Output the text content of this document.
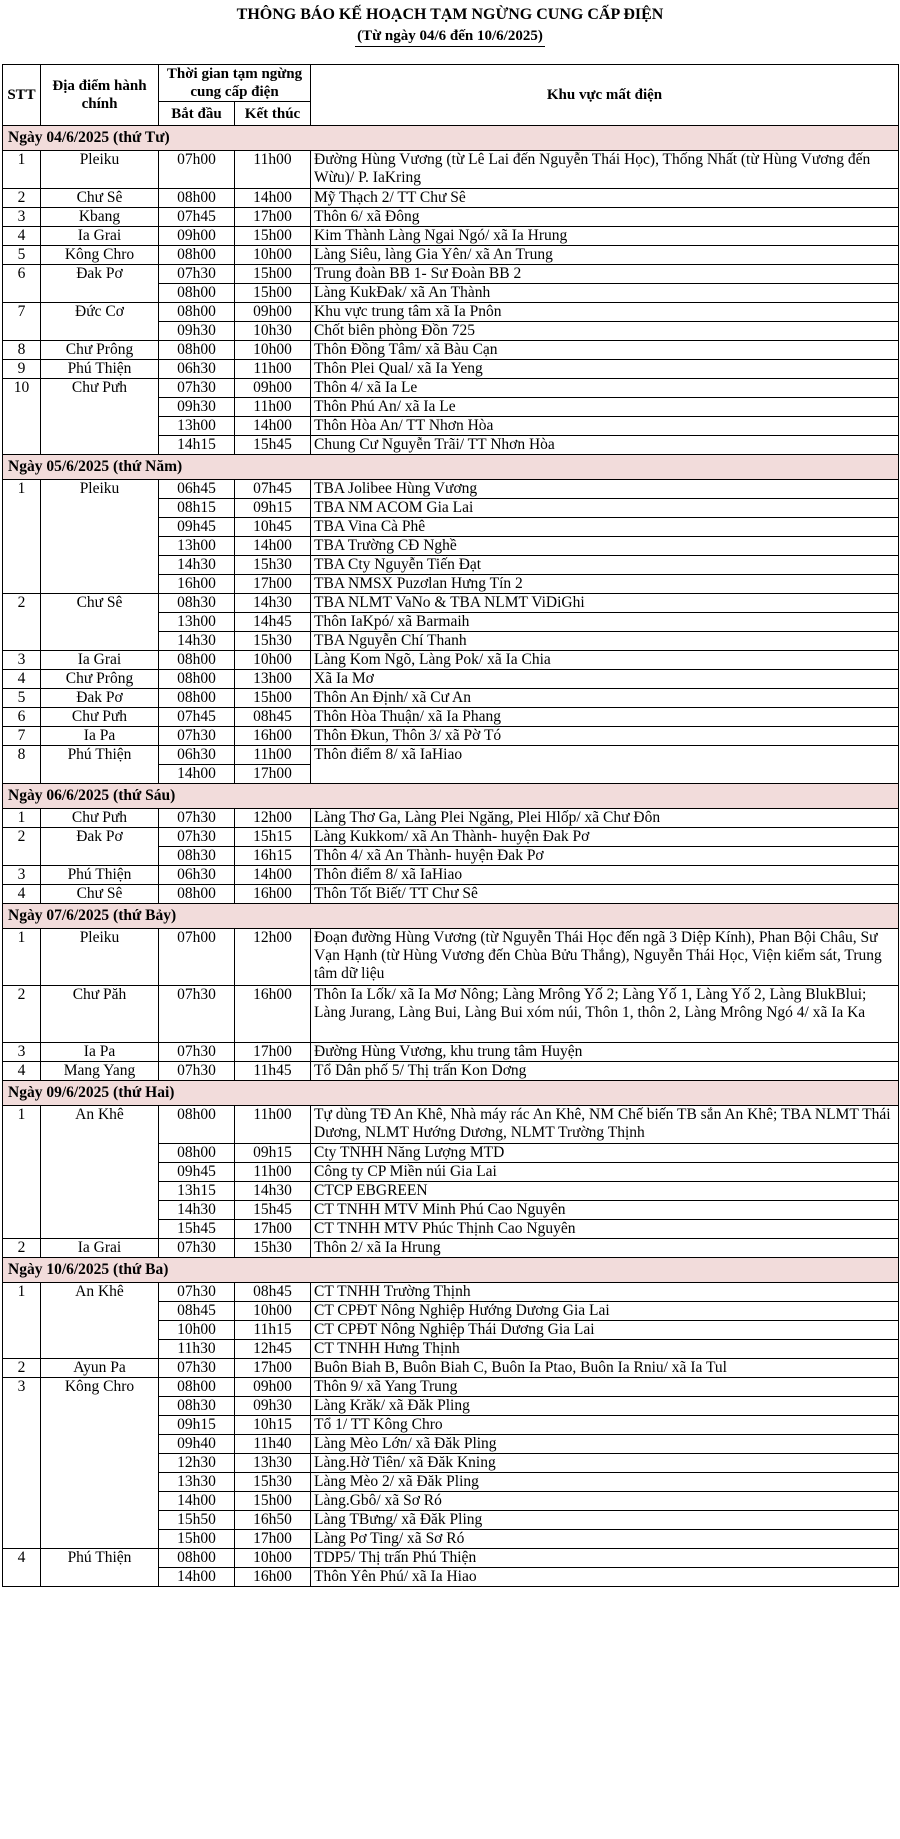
THÔNG BÁO KẾ HOẠCH TẠM NGỪNG CUNG CẤP ĐIỆN

(Từ ngày 04/6 đến 10/6/2025)

STT	Địa điểm hành chính	Thời gian tạm ngừng cung cấp điện		Khu vực mất điện
		Bắt đầu	Kết thúc	
Ngày 04/6/2025 (thứ Tư)				
1	Pleiku	07h00	11h00	Đường Hùng Vương (từ Lê Lai đến Nguyễn Thái Học), Thống Nhất (từ Hùng Vương đến Wừu)/ P. IaKring
2	Chư Sê	08h00	14h00	Mỹ Thạch 2/ TT Chư Sê
3	Kbang	07h45	17h00	Thôn 6/ xã Đông
4	Ia Grai	09h00	15h00	Kim Thành Làng Ngai Ngó/ xã Ia Hrung
5	Kông Chro	08h00	10h00	Làng Siêu, làng Gia Yên/ xã An Trung
6	Đak Pơ	07h30	15h00	Trung đoàn BB 1- Sư Đoàn BB 2
		08h00	15h00	Làng KukĐak/ xã An Thành
7	Đức Cơ	08h00	09h00	Khu vực trung tâm xã Ia Pnôn
		09h30	10h30	Chốt biên phòng Đồn 725
8	Chư Prông	08h00	10h00	Thôn Đồng Tâm/ xã Bàu Cạn
9	Phú Thiện	06h30	11h00	Thôn Plei Qual/ xã Ia Yeng
10	Chư Pưh	07h30	09h00	Thôn 4/ xã Ia Le
		09h30	11h00	Thôn Phú An/ xã Ia Le
		13h00	14h00	Thôn Hòa An/ TT Nhơn Hòa
		14h15	15h45	Chung Cư Nguyễn Trãi/ TT Nhơn Hòa
Ngày 05/6/2025 (thứ Năm)				
1	Pleiku	06h45	07h45	TBA Jolibee Hùng Vương
		08h15	09h15	TBA NM ACOM Gia Lai
		09h45	10h45	TBA Vina Cà Phê
		13h00	14h00	TBA Trường CĐ Nghề
		14h30	15h30	TBA Cty Nguyễn Tiến Đạt
		16h00	17h00	TBA NMSX Puzơlan Hưng Tín 2
2	Chư Sê	08h30	14h30	TBA NLMT VaNo & TBA NLMT ViDiGhi
		13h00	14h45	Thôn IaKpó/ xã Barmaih
		14h30	15h30	TBA Nguyễn Chí Thanh
3	Ia Grai	08h00	10h00	Làng Kom Ngõ, Làng Pok/ xã Ia Chia
4	Chư Prông	08h00	13h00	Xã Ia Mơ
5	Đak Pơ	08h00	15h00	Thôn An Định/ xã Cư An
6	Chư Pưh	07h45	08h45	Thôn Hòa Thuận/ xã Ia Phang
7	Ia Pa	07h30	16h00	Thôn Đkun, Thôn 3/ xã Pờ Tó
8	Phú Thiện	06h30	11h00	Thôn điểm 8/ xã IaHiao
		14h00	17h00	
Ngày 06/6/2025 (thứ Sáu)				
1	Chư Pưh	07h30	12h00	Làng Thơ Ga, Làng Plei Ngăng, Plei Hlốp/ xã Chư Đôn
2	Đak Pơ	07h30	15h15	Làng Kukkom/ xã An Thành- huyện Đak Pơ
		08h30	16h15	Thôn 4/ xã An Thành- huyện Đak Pơ
3	Phú Thiện	06h30	14h00	Thôn điểm 8/ xã IaHiao
4	Chư Sê	08h00	16h00	Thôn Tốt Biết/ TT Chư Sê
Ngày 07/6/2025 (thứ Bảy)				
1	Pleiku	07h00	12h00	Đoạn đường Hùng Vương (từ Nguyễn Thái Học đến ngã 3 Diệp Kính), Phan Bội Châu, Sư Vạn Hạnh (từ Hùng Vương đến Chùa Bửu Thắng), Nguyễn Thái Học, Viện kiểm sát, Trung tâm dữ liệu
2	Chư Păh	07h30	16h00	Thôn Ia Lốk/ xã Ia Mơ Nông; Làng Mrông Yố 2; Làng Yố 1, Làng Yố 2, Làng BlukBlui; Làng Jurang, Làng Bui, Làng Bui xóm núi, Thôn 1, thôn 2, Làng Mrông Ngó 4/ xã Ia Ka
3	Ia Pa	07h30	17h00	Đường Hùng Vương, khu trung tâm Huyện
4	Mang Yang	07h30	11h45	Tổ Dân phố 5/ Thị trấn Kon Dơng
Ngày 09/6/2025 (thứ Hai)				
1	An Khê	08h00	11h00	Tự dùng TĐ An Khê, Nhà máy rác An Khê, NM Chế biến TB sắn An Khê; TBA NLMT Thái Dương, NLMT Hướng Dương, NLMT Trường Thịnh
		08h00	09h15	Cty TNHH Năng Lượng MTD
		09h45	11h00	Công ty CP Miền núi Gia Lai
		13h15	14h30	CTCP EBGREEN
		14h30	15h45	CT TNHH MTV Minh Phú Cao Nguyên
		15h45	17h00	CT TNHH MTV Phúc Thịnh Cao Nguyên
2	Ia Grai	07h30	15h30	Thôn 2/ xã Ia Hrung
Ngày 10/6/2025 (thứ Ba)				
1	An Khê	07h30	08h45	CT TNHH Trường Thịnh
		08h45	10h00	CT CPĐT Nông Nghiệp Hướng Dương Gia Lai
		10h00	11h15	CT CPĐT Nông Nghiệp Thái Dương Gia Lai
		11h30	12h45	CT TNHH Hưng Thịnh
2	Ayun Pa	07h30	17h00	Buôn Biah B, Buôn Biah C, Buôn Ia Ptao, Buôn Ia Rniu/ xã Ia Tul
3	Kông Chro	08h00	09h00	Thôn 9/ xã Yang Trung
		08h30	09h30	Làng Krăk/ xã Đăk Pling
		09h15	10h15	Tổ 1/ TT Kông Chro
		09h40	11h40	Làng Mèo Lớn/ xã Đăk Pling
		12h30	13h30	Làng.Hờ Tiên/ xã Đăk Kning
		13h30	15h30	Làng Mèo 2/ xã Đăk Pling
		14h00	15h00	Làng.Gbô/ xã Sơ Ró
		15h50	16h50	Làng TBưng/ xã Đăk Pling
		15h00	17h00	Làng Pơ Ting/ xã Sơ Ró
4	Phú Thiện	08h00	10h00	TDP5/ Thị trấn Phú Thiện
		14h00	16h00	Thôn Yên Phú/ xã Ia Hiao
